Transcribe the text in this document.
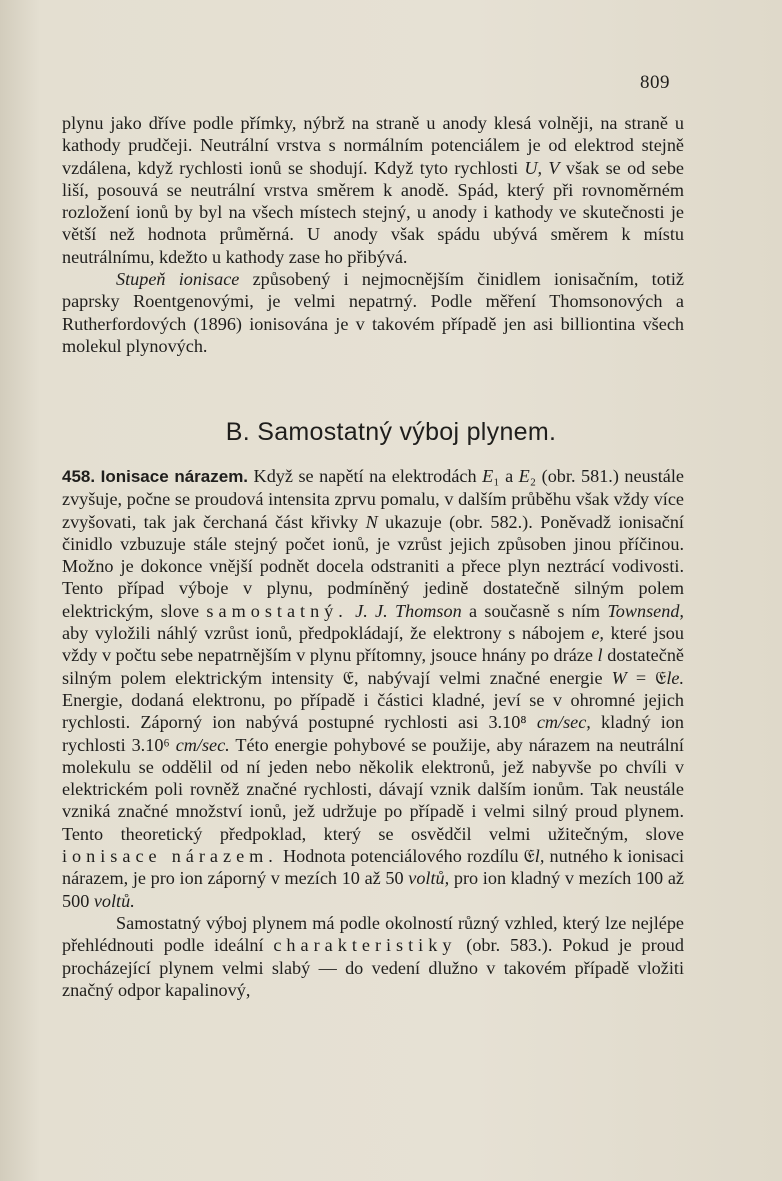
809

plynu jako dříve podle přímky, nýbrž na straně u anody klesá volněji, na straně u kathody prudčeji. Neutrální vrstva s normálním potenciálem je od elektrod stejně vzdálena, když rychlosti ionů se shodují. Když tyto rychlosti U, V však se od sebe liší, posouvá se neutrální vrstva směrem k anodě. Spád, který při rovnoměrném rozložení ionů by byl na všech místech stejný, u anody i kathody ve skutečnosti je větší než hodnota průměrná. U anody však spádu ubývá směrem k místu neutrálnímu, kdežto u kathody zase ho přibývá.

Stupeň ionisace způsobený i nejmocnějším činidlem ionisačním, totiž paprsky Roentgenovými, je velmi nepatrný. Podle měření Thomsonových a Rutherfordových (1896) ionisována je v takovém případě jen asi billiontina všech molekul plynových.

B. Samostatný výboj plynem.

458. Ionisace nárazem. Když se napětí na elektrodách E₁ a E₂ (obr. 581.) neustále zvyšuje, počne se proudová intensita zprvu pomalu, v dalším průběhu však vždy více zvyšovati, tak jak čerchaná část křivky N ukazuje (obr. 582.). Poněvadž ionisační činidlo vzbuzuje stále stejný počet ionů, je vzrůst jejich způsoben jinou příčinou. Možno je dokonce vnější podnět docela odstraniti a přece plyn neztrácí vodivosti. Tento případ výboje v plynu, podmíněný jedině dostatečně silným polem elektrickým, slove samostatný. J. J. Thomson a současně s ním Townsend, aby vyložili náhlý vzrůst ionů, předpokládají, že elektrony s nábojem e, které jsou vždy v počtu sebe nepatrnějším v plynu přítomny, jsouce hnány po dráze l dostatečně silným polem elektrickým intensity 𝔈, nabývají velmi značné energie W = 𝔈le. Energie, dodaná elektronu, po případě i částici kladné, jeví se v ohromné jejich rychlosti. Záporný ion nabývá postupné rychlosti asi 3.10⁸ cm/sec, kladný ion rychlosti 3.10⁶ cm/sec. Této energie pohybové se použije, aby nárazem na neutrální molekulu se oddělil od ní jeden nebo několik elektronů, jež nabyvše po chvíli v elektrickém poli rovněž značné rychlosti, dávají vznik dalším ionům. Tak neustále vzniká značné množství ionů, jež udržuje po případě i velmi silný proud plynem. Tento theoretický předpoklad, který se osvědčil velmi užitečným, slove ionisace nárazem. Hodnota potenciálového rozdílu 𝔈l, nutného k ionisaci nárazem, je pro ion záporný v mezích 10 až 50 voltů, pro ion kladný v mezích 100 až 500 voltů.

Samostatný výboj plynem má podle okolností různý vzhled, který lze nejlépe přehlédnouti podle ideální charakteristiky (obr. 583.). Pokud je proud procházející plynem velmi slabý — do vedení dlužno v takovém případě vložiti značný odpor kapalinový,
